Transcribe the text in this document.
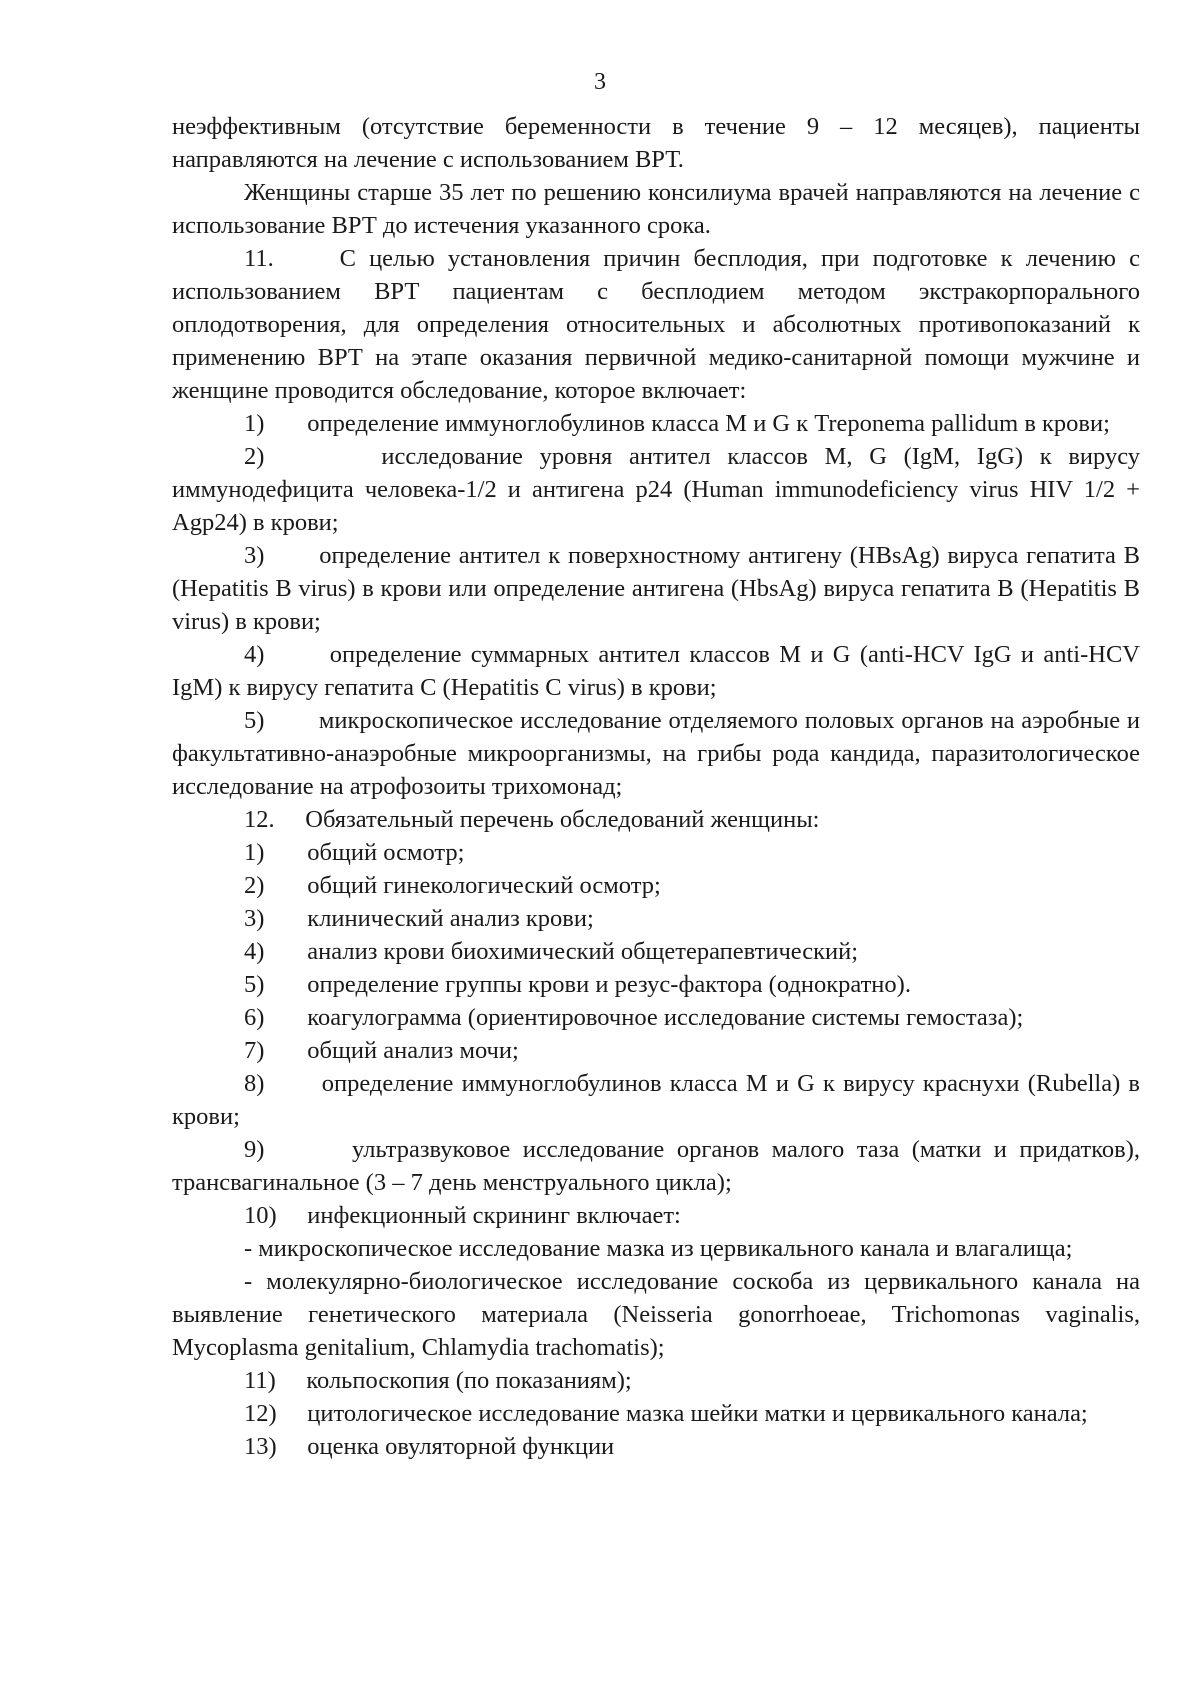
3

неэффективным (отсутствие беременности в течение 9 – 12 месяцев), пациенты направляются на лечение с использованием ВРТ.

Женщины старше 35 лет по решению консилиума врачей направляются на лечение с использование ВРТ до истечения указанного срока.

11.	С целью установления причин бесплодия, при подготовке к лечению с использованием ВРТ пациентам с бесплодием методом экстракорпорального оплодотворения, для определения относительных и абсолютных противопоказаний к применению ВРТ на этапе оказания первичной медико-санитарной помощи мужчине и женщине проводится обследование, которое включает:

1) определение иммуноглобулинов класса M и G к Treponema pallidum в крови;

2)	исследование уровня антител классов M, G (IgM, IgG) к вирусу иммунодефицита человека-1/2 и антигена p24 (Human immunodeficiency virus HIV 1/2 + Agp24) в крови;

3) определение антител к поверхностному антигену (HBsAg) вируса гепатита B (Hepatitis B virus) в крови или определение антигена (HbsAg) вируса гепатита B (Hepatitis B virus) в крови;

4)	определение суммарных антител классов M и G (anti-HCV IgG и anti-HCV IgM) к вирусу гепатита C (Hepatitis C virus) в крови;

5) микроскопическое исследование отделяемого половых органов на аэробные и факультативно-анаэробные микроорганизмы, на грибы рода кандида, паразитологическое исследование на атрофозоиты трихомонад;

12. Обязательный перечень обследований женщины:

1) общий осмотр;

2) общий гинекологический осмотр;

3) клинический анализ крови;

4) анализ крови биохимический общетерапевтический;

5) определение группы крови и резус-фактора (однократно).

6) коагулограмма (ориентировочное исследование системы гемостаза);

7) общий анализ мочи;

8) определение иммуноглобулинов класса M и G к вирусу краснухи (Rubella) в крови;

9)	ультразвуковое исследование органов малого таза (матки и придатков), трансвагинальное (3 – 7 день менструального цикла);

10) инфекционный скрининг включает:

- микроскопическое исследование мазка из цервикального канала и влагалища;

- молекулярно-биологическое исследование соскоба из цервикального канала на выявление генетического материала (Neisseria gonorrhoeae, Trichomonas vaginalis, Mycoplasma genitalium, Chlamydia trachomatis);

11) кольпоскопия (по показаниям);

12) цитологическое исследование мазка шейки матки и цервикального канала;

13) оценка овуляторной функции
